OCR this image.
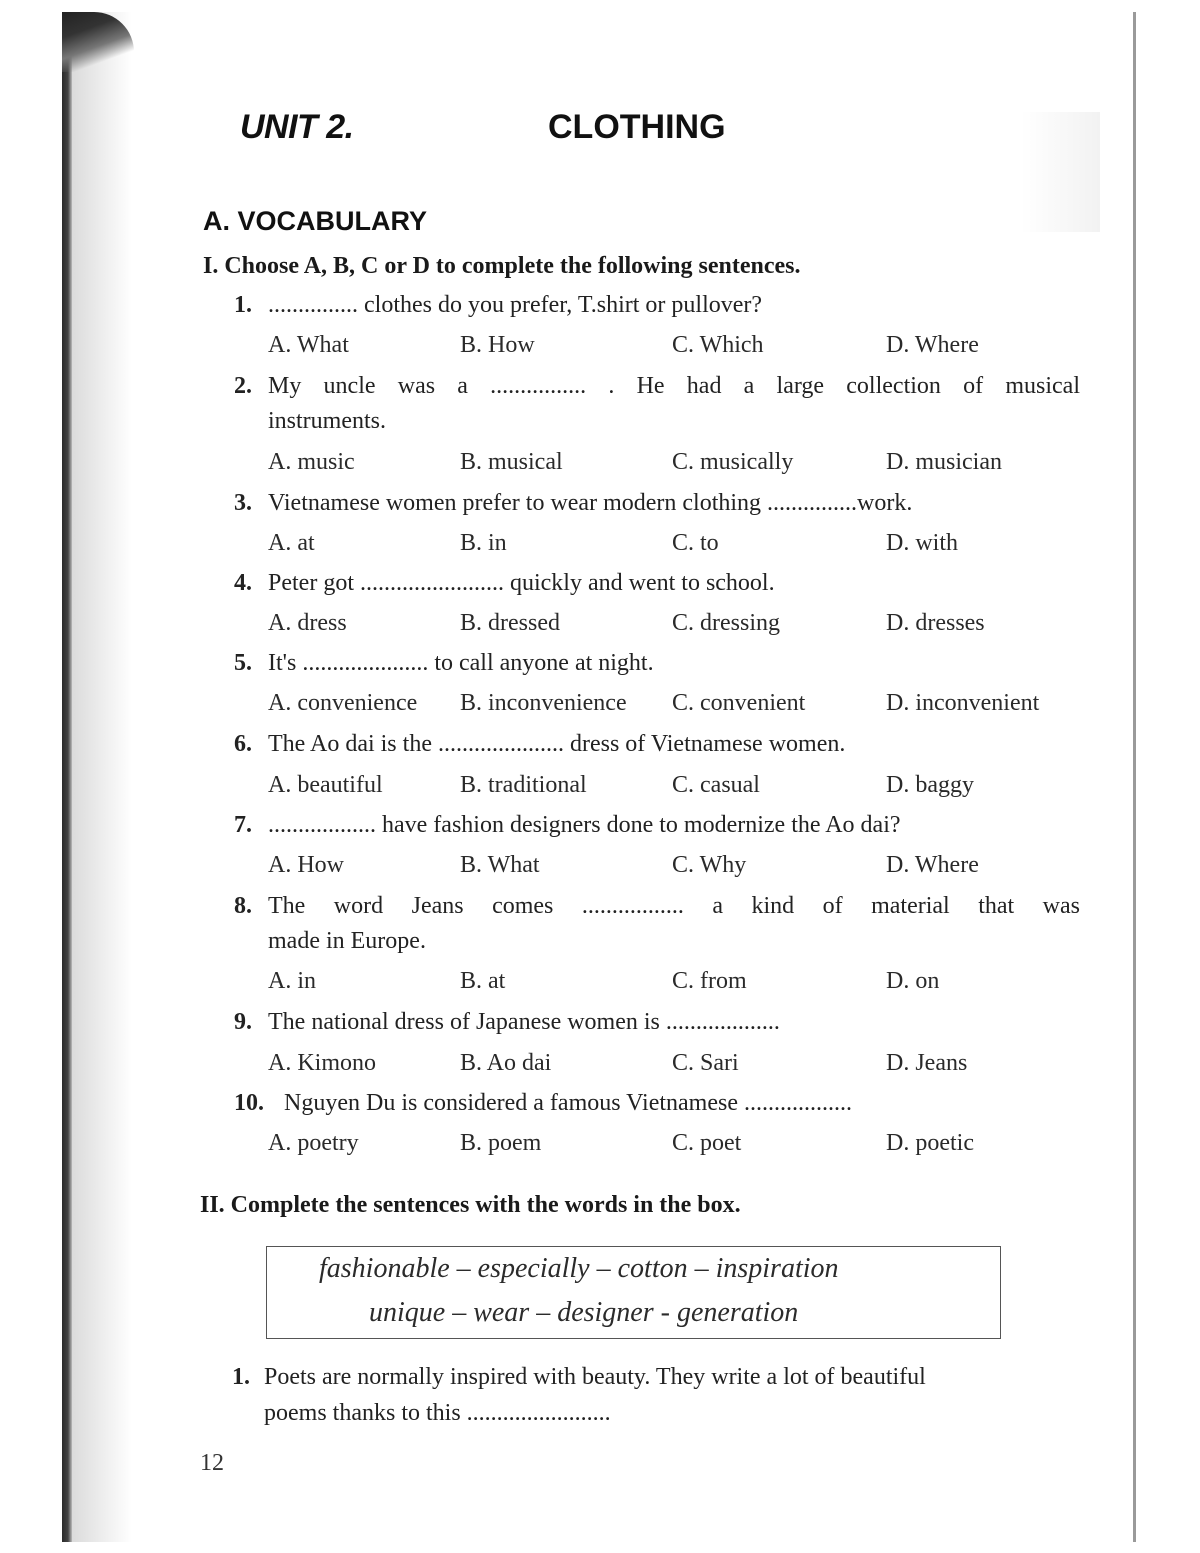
UNIT 2.	CLOTHING
A. VOCABULARY
I. Choose A, B, C or D to complete the following sentences.
1. ............... clothes do you prefer, T.shirt or pullover?
A. What	B. How	C. Which	D. Where
2. My uncle was a ................ . He had a large collection of musical
instruments.
A. music	B. musical	C. musically	D. musician
3. Vietnamese women prefer to wear modern clothing ...............work.
A. at	B. in	C. to	D. with
4. Peter got ........................ quickly and went to school.
A. dress	B. dressed	C. dressing	D. dresses
5. It's ..................... to call anyone at night.
A. convenience B. inconvenience C. convenient	D. inconvenient
6. The Ao dai is the ..................... dress of Vietnamese women.
A. beautiful	B. traditional	C. casual	D. baggy
7. .................. have fashion designers done to modernize the Ao dai?
A. How	B. What	C. Why	D. Where
8. The word Jeans comes ................. a kind of material that was
made in Europe.
A. in	B. at	C. from	D. on
9. The national dress of Japanese women is ...................
A. Kimono	B. Ao dai	C. Sari	D. Jeans
10. Nguyen Du is considered a famous Vietnamese ..................
A. poetry	B. poem	C. poet	D. poetic
II. Complete the sentences with the words in the box.
fashionable – especially – cotton – inspiration
unique – wear – designer - generation
1. Poets are normally inspired with beauty. They write a lot of beautiful
poems thanks to this ........................
12
